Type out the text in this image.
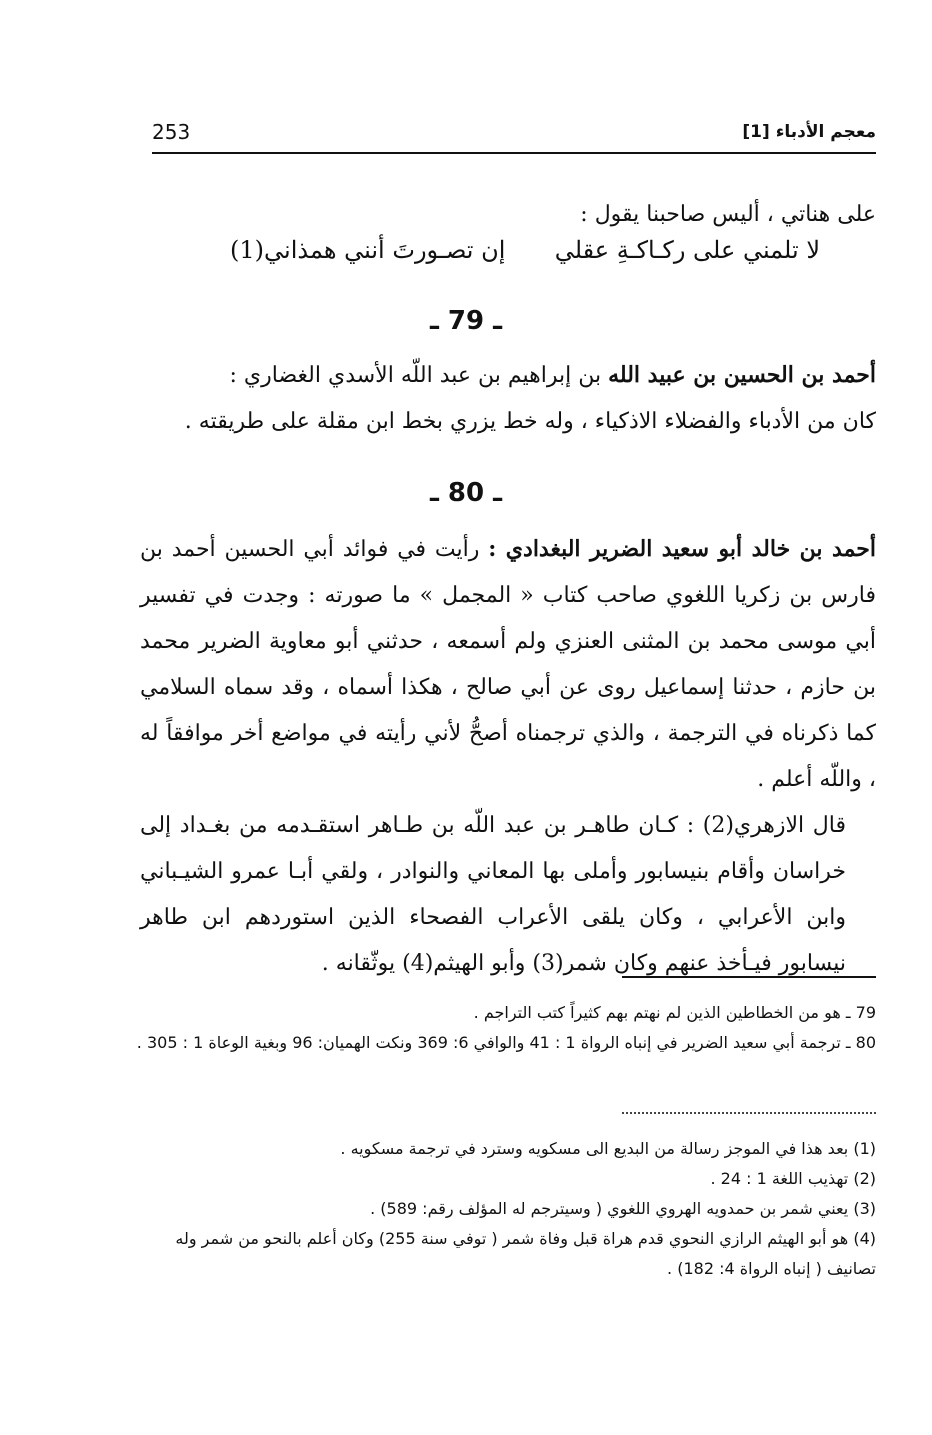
معجم الأدباء [1]
253

على هناتي ، أليس صاحبنا يقول :

لا تلمني على ركـاكـةِ عقلي
إن تصـورتَ أنني همذاني(1)
ـ 79 ـ

أحمد بن الحسين بن عبيد الله بن إبراهيم بن عبد اللّه الأسدي الغضاري :

كان من الأدباء والفضلاء الاذكياء ، وله خط يزري بخط ابن مقلة على طريقته .

ـ 80 ـ

أحمد بن خالد أبو سعيد الضرير البغدادي : رأيت في فوائد أبي الحسين أحمد بن فارس بن زكريا اللغوي صاحب كتاب « المجمل » ما صورته : وجدت في تفسير أبي موسى محمد بن المثنى العنزي ولم أسمعه ، حدثني أبو معاوية الضرير محمد بن حازم ، حدثنا إسماعيل روى عن أبي صالح ، هكذا أسماه ، وقد سماه السلامي كما ذكرناه في الترجمة ، والذي ترجمناه أصحُّ لأني رأيته في مواضع أخر موافقاً له ، واللّه أعلم .

قال الازهري(2) : كـان طاهـر بن عبد اللّه بن طـاهر استقـدمه من بغـداد إلى خراسان وأقام بنيسابور وأملى بها المعاني والنوادر ، ولقي أبـا عمرو الشيـباني وابن الأعرابي ، وكان يلقى الأعراب الفصحاء الذين استوردهم ابن طاهر نيسابور فيـأخذ عنهم وكان شمر(3) وأبو الهيثم(4) يوثّقانه .

79 ـ هو من الخطاطين الذين لم نهتم بهم كثيراً كتب التراجم .

80 ـ ترجمة أبي سعيد الضرير في إنباه الرواة 1 : 41 والوافي 6: 369 ونكت الهميان: 96 وبغية الوعاة 1 : 305 .

(1) بعد هذا في الموجز رسالة من البديع الى مسكويه وسترد في ترجمة مسكويه .

(2) تهذيب اللغة 1 : 24 .

(3) يعني شمر بن حمدويه الهروي اللغوي ( وسيترجم له المؤلف رقم: 589) .

(4) هو أبو الهيثم الرازي النحوي قدم هراة قبل وفاة شمر ( توفي سنة 255) وكان أعلم بالنحو من شمر وله تصانيف ( إنباه الرواة 4: 182) .
